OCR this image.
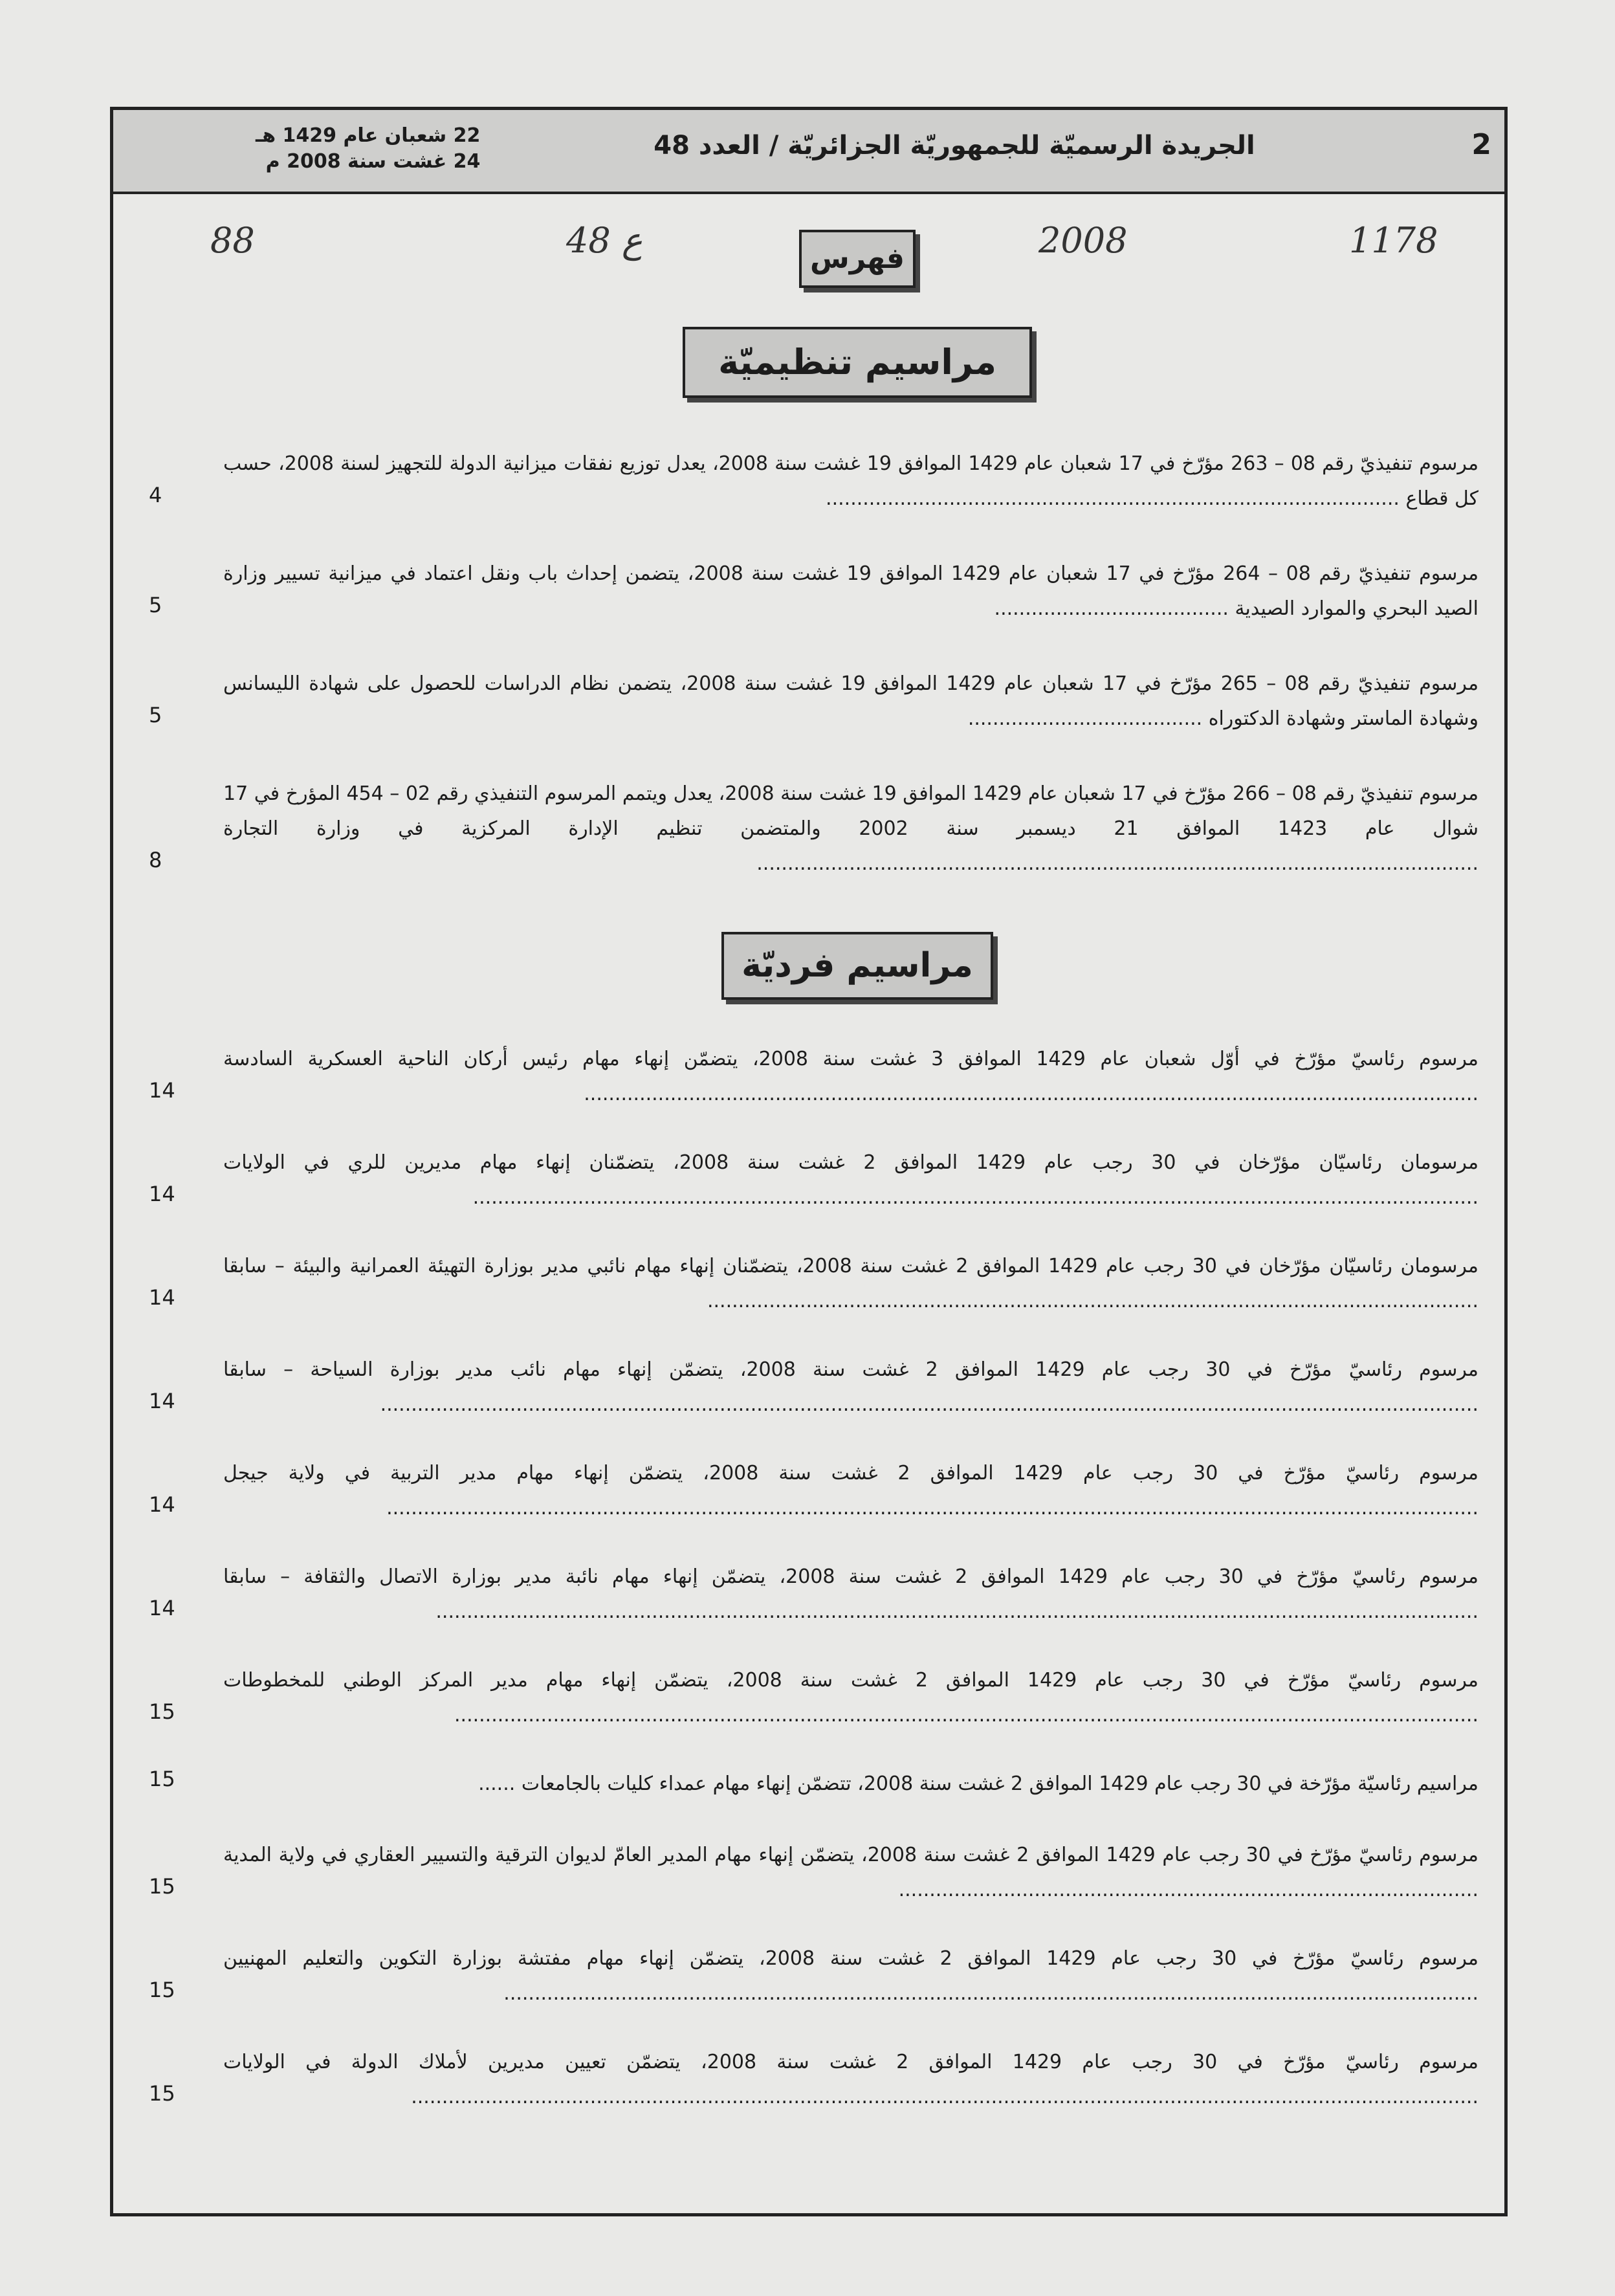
22 شعبان عام 1429 هـ
24 غشت سنة 2008 م
الجريدة الرسميّة للجمهوريّة الجزائريّة / العدد 48	2
88	ع 48	2008	1178
فهرس
مراسيم تنظيميّة
مرسوم تنفيذيّ رقم 08 – 263 مؤرّخ في 17 شعبان عام 1429 الموافق 19 غشت سنة 2008، يعدل توزيع نفقات ميزانية الدولة للتجهيز لسنة 2008، حسب كل قطاع .............................................................................................
4
مرسوم تنفيذيّ رقم 08 – 264 مؤرّخ في 17 شعبان عام 1429 الموافق 19 غشت سنة 2008، يتضمن إحداث باب ونقل اعتماد في ميزانية تسيير وزارة الصيد البحري والموارد الصيدية ......................................
5
مرسوم تنفيذيّ رقم 08 – 265 مؤرّخ في 17 شعبان عام 1429 الموافق 19 غشت سنة 2008، يتضمن نظام الدراسات للحصول على شهادة الليسانس وشهادة الماستر وشهادة الدكتوراه ......................................
5
مرسوم تنفيذيّ رقم 08 – 266 مؤرّخ في 17 شعبان عام 1429 الموافق 19 غشت سنة 2008، يعدل ويتمم المرسوم التنفيذي رقم 02 – 454 المؤرخ في 17 شوال عام 1423 الموافق 21 ديسمبر سنة 2002 والمتضمن تنظيم الإدارة المركزية في وزارة التجارة .....................................................................................................................
8
مراسيم فرديّة
مرسوم رئاسيّ مؤرّخ في أوّل شعبان عام 1429 الموافق 3 غشت سنة 2008، يتضمّن إنهاء مهام رئيس أركان الناحية العسكرية السادسة .................................................................................................................................................
14
مرسومان رئاسيّان مؤرّخان في 30 رجب عام 1429 الموافق 2 غشت سنة 2008، يتضمّنان إنهاء مهام مديرين للري في الولايات ...................................................................................................................................................................
14
مرسومان رئاسيّان مؤرّخان في 30 رجب عام 1429 الموافق 2 غشت سنة 2008، يتضمّنان إنهاء مهام نائبي مدير بوزارة التهيئة العمرانية والبيئة – سابقا .............................................................................................................................
14
مرسوم رئاسيّ مؤرّخ في 30 رجب عام 1429 الموافق 2 غشت سنة 2008، يتضمّن إنهاء مهام نائب مدير بوزارة السياحة – سابقا ..................................................................................................................................................................................
14
مرسوم رئاسيّ مؤرّخ في 30 رجب عام 1429 الموافق 2 غشت سنة 2008، يتضمّن إنهاء مهام مدير التربية في ولاية جيجل .................................................................................................................................................................................
14
مرسوم رئاسيّ مؤرّخ في 30 رجب عام 1429 الموافق 2 غشت سنة 2008، يتضمّن إنهاء مهام نائبة مدير بوزارة الاتصال والثقافة – سابقا .........................................................................................................................................................................
14
مرسوم رئاسيّ مؤرّخ في 30 رجب عام 1429 الموافق 2 غشت سنة 2008، يتضمّن إنهاء مهام مدير المركز الوطني للمخطوطات ......................................................................................................................................................................
15
مراسيم رئاسيّة مؤرّخة في 30 رجب عام 1429 الموافق 2 غشت سنة 2008، تتضمّن إنهاء مهام عمداء كليات بالجامعات ......
15
مرسوم رئاسيّ مؤرّخ في 30 رجب عام 1429 الموافق 2 غشت سنة 2008، يتضمّن إنهاء مهام المدير العامّ لديوان الترقية والتسيير العقاري في ولاية المدية ..............................................................................................
15
مرسوم رئاسيّ مؤرّخ في 30 رجب عام 1429 الموافق 2 غشت سنة 2008، يتضمّن إنهاء مهام مفتشة بوزارة التكوين والتعليم المهنيين ..............................................................................................................................................................
15
مرسوم رئاسيّ مؤرّخ في 30 رجب عام 1429 الموافق 2 غشت سنة 2008، يتضمّن تعيين مديرين لأملاك الدولة في الولايات .............................................................................................................................................................................
15
